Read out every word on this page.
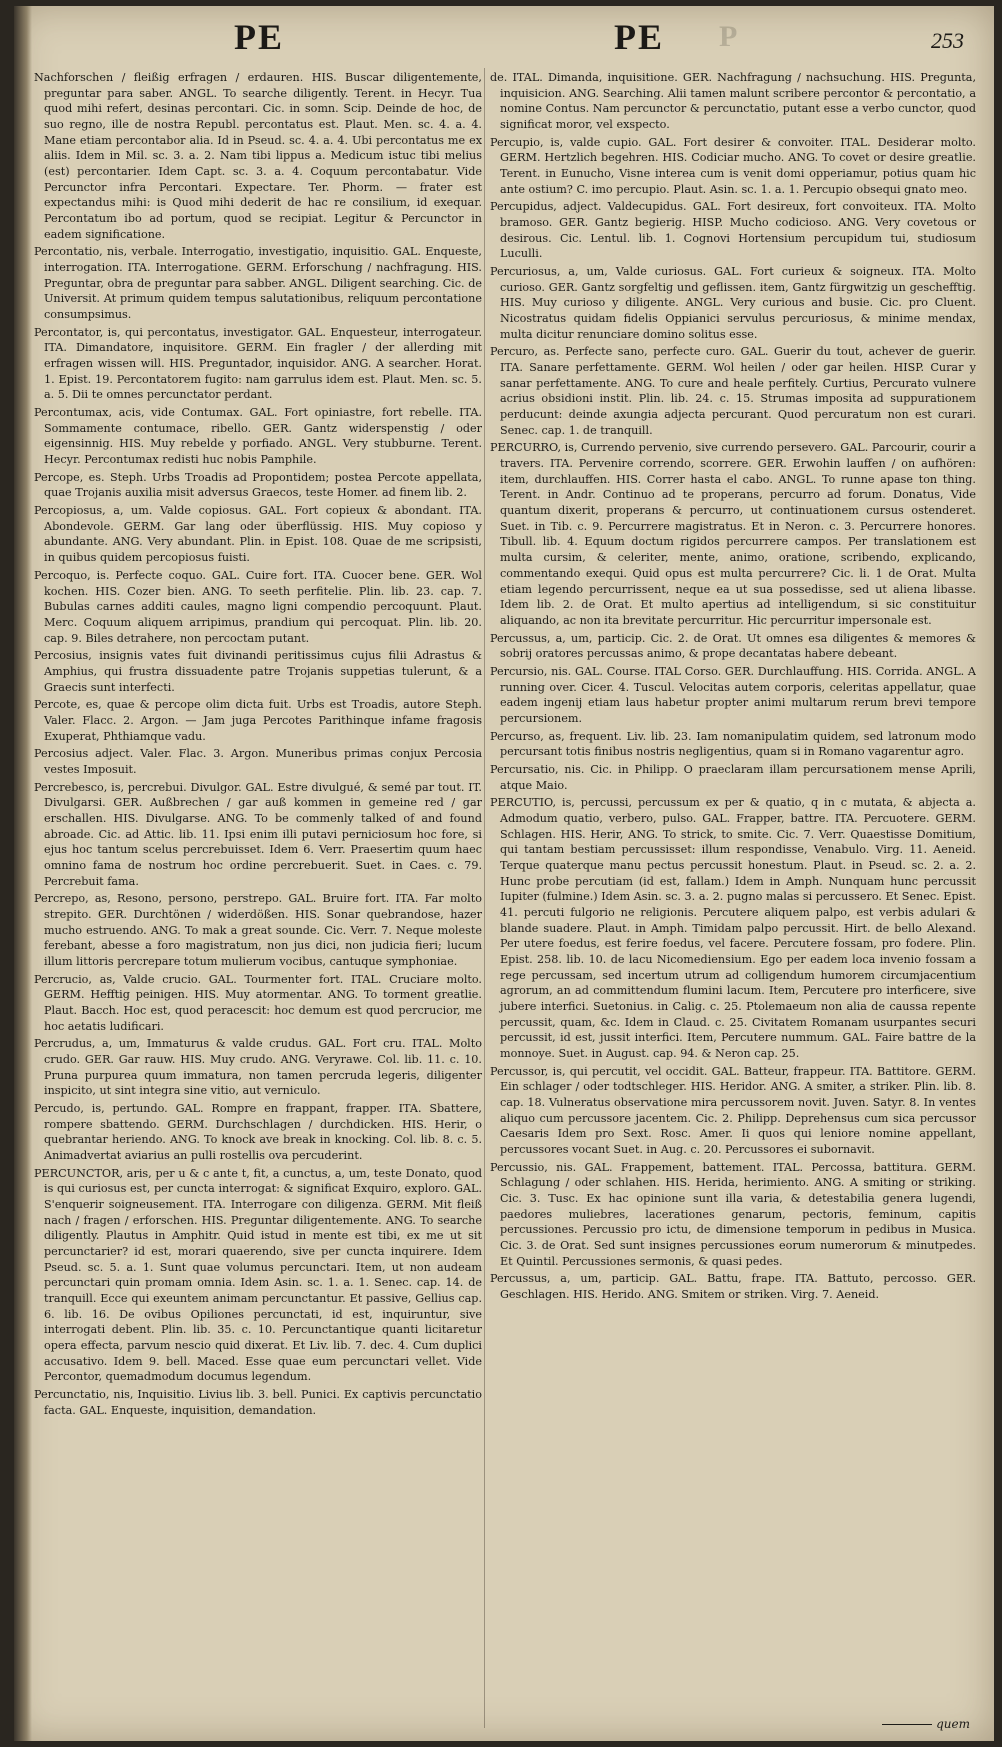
PE	PE P	253

Nachforschen / fleißig erfragen / erdauren. HIS. Buscar diligentemente, preguntar para saber. ANGL. To searche diligently. Terent. in Hecyr. Tua quod mihi refert, desinas percontari. Cic. in somn. Scip. Deinde de hoc, de suo regno, ille de nostra Republ. percontatus est. Plaut. Men. sc. 4. a. 4. Mane etiam percontabor alia. Id in Pseud. sc. 4. a. 4. Ubi percontatus me ex aliis. Idem in Mil. sc. 3. a. 2. Nam tibi lippus a. Medicum istuc tibi melius (est) percontarier. Idem Capt. sc. 3. a. 4. Coquum percontabatur. Vide Percunctor infra Percontari. Expectare. Ter. Phorm. — frater est expectandus mihi: is Quod mihi dederit de hac re consilium, id exequar. Percontatum ibo ad portum, quod se recipiat. Legitur & Percunctor in eadem significatione.

Percontatio, nis, verbale. Interrogatio, investigatio, inquisitio. GAL. Enqueste, interrogation. ITA. Interrogatione. GERM. Erforschung / nachfragung. HIS. Preguntar, obra de preguntar para sabber. ANGL. Diligent searching. Cic. de Universit. At primum quidem tempus salutationibus, reliquum percontatione consumpsimus.

Percontator, is, qui percontatus, investigator. GAL. Enquesteur, interrogateur. ITA. Dimandatore, inquisitore. GERM. Ein fragler / der allerding mit erfragen wissen will. HIS. Preguntador, inquisidor. ANG. A searcher. Horat. 1. Epist. 19. Percontatorem fugito: nam garrulus idem est. Plaut. Men. sc. 5. a. 5. Dii te omnes percunctator perdant.

Percontumax, acis, vide Contumax. GAL. Fort opiniastre, fort rebelle. ITA. Sommamente contumace, ribello. GER. Gantz widerspenstig / oder eigensinnig. HIS. Muy rebelde y porfiado. ANGL. Very stubburne. Terent. Hecyr. Percontumax redisti huc nobis Pamphile.

Percope, es. Steph. Urbs Troadis ad Propontidem; postea Percote appellata, quae Trojanis auxilia misit adversus Graecos, teste Homer. ad finem lib. 2.

Percopiosus, a, um. Valde copiosus. GAL. Fort copieux & abondant. ITA. Abondevole. GERM. Gar lang oder überflüssig. HIS. Muy copioso y abundante. ANG. Very abundant. Plin. in Epist. 108. Quae de me scripsisti, in quibus quidem percopiosus fuisti.

Percoquo, is. Perfecte coquo. GAL. Cuire fort. ITA. Cuocer bene. GER. Wol kochen. HIS. Cozer bien. ANG. To seeth perfitelie. Plin. lib. 23. cap. 7. Bubulas carnes additi caules, magno ligni compendio percoquunt. Plaut. Merc. Coquum aliquem arripimus, prandium qui percoquat. Plin. lib. 20. cap. 9. Biles detrahere, non percoctam putant.

Percosius, insignis vates fuit divinandi peritissimus cujus filii Adrastus & Amphius, qui frustra dissuadente patre Trojanis suppetias tulerunt, & a Graecis sunt interfecti.

Percote, es, quae & percope olim dicta fuit. Urbs est Troadis, autore Steph. Valer. Flacc. 2. Argon. — Jam juga Percotes Parithinque infame fragosis Exuperat, Phthiamque vadu.

Percosius adject. Valer. Flac. 3. Argon. Muneribus primas conjux Percosia vestes Imposuit.

Percrebesco, is, percrebui. Divulgor. GAL. Estre divulgué, & semé par tout. IT. Divulgarsi. GER. Außbrechen / gar auß kommen in gemeine red / gar erschallen. HIS. Divulgarse. ANG. To be commenly talked of and found abroade. Cic. ad Attic. lib. 11. Ipsi enim illi putavi perniciosum hoc fore, si ejus hoc tantum scelus percrebuisset. Idem 6. Verr. Praesertim quum haec omnino fama de nostrum hoc ordine percrebuerit. Suet. in Caes. c. 79. Percrebuit fama.

Percrepo, as, Resono, persono, perstrepo. GAL. Bruire fort. ITA. Far molto strepito. GER. Durchtönen / widerdößen. HIS. Sonar quebrandose, hazer mucho estruendo. ANG. To mak a great sounde. Cic. Verr. 7. Neque moleste ferebant, abesse a foro magistratum, non jus dici, non judicia fieri; lucum illum littoris percrepare totum mulierum vocibus, cantuque symphoniae.

Percrucio, as, Valde crucio. GAL. Tourmenter fort. ITAL. Cruciare molto. GERM. Hefftig peinigen. HIS. Muy atormentar. ANG. To torment greatlie. Plaut. Bacch. Hoc est, quod peracescit: hoc demum est quod percrucior, me hoc aetatis ludificari.

Percrudus, a, um, Immaturus & valde crudus. GAL. Fort cru. ITAL. Molto crudo. GER. Gar rauw. HIS. Muy crudo. ANG. Veryrawe. Col. lib. 11. c. 10. Pruna purpurea quum immatura, non tamen percruda legeris, diligenter inspicito, ut sint integra sine vitio, aut verniculo.

Percudo, is, pertundo. GAL. Rompre en frappant, frapper. ITA. Sbattere, rompere sbattendo. GERM. Durchschlagen / durchdicken. HIS. Herir, o quebrantar heriendo. ANG. To knock ave break in knocking. Col. lib. 8. c. 5. Animadvertat aviarius an pulli rostellis ova percuderint.

PERCUNCTOR, aris, per u & c ante t, fit, a cunctus, a, um, teste Donato, quod is qui curiosus est, per cuncta interrogat: & significat Exquiro, exploro. GAL. S'enquerir soigneusement. ITA. Interrogare con diligenza. GERM. Mit fleiß nach / fragen / erforschen. HIS. Preguntar diligentemente. ANG. To searche diligently. Plautus in Amphitr. Quid istud in mente est tibi, ex me ut sit percunctarier? id est, morari quaerendo, sive per cuncta inquirere. Idem Pseud. sc. 5. a. 1. Sunt quae volumus percunctari. Item, ut non audeam percunctari quin promam omnia. Idem Asin. sc. 1. a. 1. Senec. cap. 14. de tranquill. Ecce qui exeuntem animam percunctantur. Et passive, Gellius cap. 6. lib. 16. De ovibus Opiliones percunctati, id est, inquiruntur, sive interrogati debent. Plin. lib. 35. c. 10. Percunctantique quanti licitaretur opera effecta, parvum nescio quid dixerat. Et Liv. lib. 7. dec. 4. Cum duplici accusativo. Idem 9. bell. Maced. Esse quae eum percunctari vellet. Vide Percontor, quemadmodum documus legendum.

Percunctatio, nis, Inquisitio. Livius lib. 3. bell. Punici. Ex captivis percunctatio facta. GAL. Enqueste, inquisition, demandation.

de. ITAL. Dimanda, inquisitione. GER. Nachfragung / nachsuchung. HIS. Pregunta, inquisicion. ANG. Searching. Alii tamen malunt scribere percontor & percontatio, a nomine Contus. Nam percunctor & percunctatio, putant esse a verbo cunctor, quod significat moror, vel exspecto.

Percupio, is, valde cupio. GAL. Fort desirer & convoiter. ITAL. Desiderar molto. GERM. Hertzlich begehren. HIS. Codiciar mucho. ANG. To covet or desire greatlie. Terent. in Eunucho, Visne interea cum is venit domi opperiamur, potius quam hic ante ostium? C. imo percupio. Plaut. Asin. sc. 1. a. 1. Percupio obsequi gnato meo.

Percupidus, adject. Valdecupidus. GAL. Fort desireux, fort convoiteux. ITA. Molto bramoso. GER. Gantz begierig. HISP. Mucho codicioso. ANG. Very covetous or desirous. Cic. Lentul. lib. 1. Cognovi Hortensium percupidum tui, studiosum Luculli.

Percuriosus, a, um, Valde curiosus. GAL. Fort curieux & soigneux. ITA. Molto curioso. GER. Gantz sorgfeltig und geflissen. item, Gantz fürgwitzig un geschefftig. HIS. Muy curioso y diligente. ANGL. Very curious and busie. Cic. pro Cluent. Nicostratus quidam fidelis Oppianici servulus percuriosus, & minime mendax, multa dicitur renunciare domino solitus esse.

Percuro, as. Perfecte sano, perfecte curo. GAL. Guerir du tout, achever de guerir. ITA. Sanare perfettamente. GERM. Wol heilen / oder gar heilen. HISP. Curar y sanar perfettamente. ANG. To cure and heale perfitely. Curtius, Percurato vulnere acrius obsidioni instit. Plin. lib. 24. c. 15. Strumas imposita ad suppurationem perducunt: deinde axungia adjecta percurant. Quod percuratum non est curari. Senec. cap. 1. de tranquill.

PERCURRO, is, Currendo pervenio, sive currendo persevero. GAL. Parcourir, courir a travers. ITA. Pervenire correndo, scorrere. GER. Erwohin lauffen / on aufhören: item, durchlauffen. HIS. Correr hasta el cabo. ANGL. To runne apase ton thing. Terent. in Andr. Continuo ad te properans, percurro ad forum. Donatus, Vide quantum dixerit, properans & percurro, ut continuationem cursus ostenderet. Suet. in Tib. c. 9. Percurrere magistratus. Et in Neron. c. 3. Percurrere honores. Tibull. lib. 4. Equum doctum rigidos percurrere campos. Per translationem est multa cursim, & celeriter, mente, animo, oratione, scribendo, explicando, commentando exequi. Quid opus est multa percurrere? Cic. li. 1 de Orat. Multa etiam legendo percurrissent, neque ea ut sua possedisse, sed ut aliena libasse. Idem lib. 2. de Orat. Et multo apertius ad intelligendum, si sic constituitur aliquando, ac non ita brevitate percurritur. Hic percurritur impersonale est.

Percussus, a, um, particip. Cic. 2. de Orat. Ut omnes esa diligentes & memores & sobrij oratores percussas animo, & prope decantatas habere debeant.

Percursio, nis. GAL. Course. ITAL Corso. GER. Durchlauffung. HIS. Corrida. ANGL. A running over. Cicer. 4. Tuscul. Velocitas autem corporis, celeritas appellatur, quae eadem ingenij etiam laus habetur propter animi multarum rerum brevi tempore percursionem.

Percurso, as, frequent. Liv. lib. 23. Iam nomanipulatim quidem, sed latronum modo percursant totis finibus nostris negligentius, quam si in Romano vagarentur agro.

Percursatio, nis. Cic. in Philipp. O praeclaram illam percursationem mense Aprili, atque Maio.

PERCUTIO, is, percussi, percussum ex per & quatio, q in c mutata, & abjecta a. Admodum quatio, verbero, pulso. GAL. Frapper, battre. ITA. Percuotere. GERM. Schlagen. HIS. Herir, ANG. To strick, to smite. Cic. 7. Verr. Quaestisse Domitium, qui tantam bestiam percussisset: illum respondisse, Venabulo. Virg. 11. Aeneid. Terque quaterque manu pectus percussit honestum. Plaut. in Pseud. sc. 2. a. 2. Hunc probe percutiam (id est, fallam.) Idem in Amph. Nunquam hunc percussit Iupiter (fulmine.) Idem Asin. sc. 3. a. 2. pugno malas si percussero. Et Senec. Epist. 41. percuti fulgorio ne religionis. Percutere aliquem palpo, est verbis adulari & blande suadere. Plaut. in Amph. Timidam palpo percussit. Hirt. de bello Alexand. Per utere foedus, est ferire foedus, vel facere. Percutere fossam, pro fodere. Plin. Epist. 258. lib. 10. de lacu Nicomediensium. Ego per eadem loca invenio fossam a rege percussam, sed incertum utrum ad colligendum humorem circumjacentium agrorum, an ad committendum flumini lacum. Item, Percutere pro interficere, sive jubere interfici. Suetonius. in Calig. c. 25. Ptolemaeum non alia de caussa repente percussit, quam, &c. Idem in Claud. c. 25. Civitatem Romanam usurpantes securi percussit, id est, jussit interfici. Item, Percutere nummum. GAL. Faire battre de la monnoye. Suet. in August. cap. 94. & Neron cap. 25.

Percussor, is, qui percutit, vel occidit. GAL. Batteur, frappeur. ITA. Battitore. GERM. Ein schlager / oder todtschleger. HIS. Heridor. ANG. A smiter, a striker. Plin. lib. 8. cap. 18. Vulneratus observatione mira percussorem novit. Juven. Satyr. 8. In ventes aliquo cum percussore jacentem. Cic. 2. Philipp. Deprehensus cum sica percussor Caesaris Idem pro Sext. Rosc. Amer. Ii quos qui leniore nomine appellant, percussores vocant Suet. in Aug. c. 20. Percussores ei subornavit.

Percussio, nis. GAL. Frappement, battement. ITAL. Percossa, battitura. GERM. Schlagung / oder schlahen. HIS. Herida, herimiento. ANG. A smiting or striking. Cic. 3. Tusc. Ex hac opinione sunt illa varia, & detestabilia genera lugendi, paedores muliebres, lacerationes genarum, pectoris, feminum, capitis percussiones. Percussio pro ictu, de dimensione temporum in pedibus in Musica. Cic. 3. de Orat. Sed sunt insignes percussiones eorum numerorum & minutpedes. Et Quintil. Percussiones sermonis, & quasi pedes.

Percussus, a, um, particip. GAL. Battu, frape. ITA. Battuto, percosso. GER. Geschlagen. HIS. Herido. ANG. Smitem or striken. Virg. 7. Aeneid.

quem
